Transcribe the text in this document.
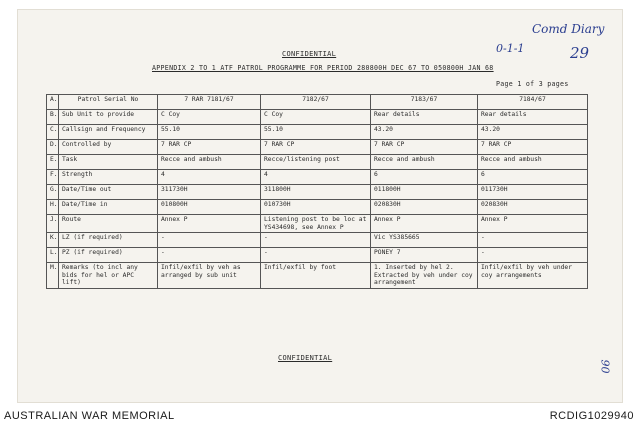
Comd Diary
0-1-1	29
90
CONFIDENTIAL
APPENDIX 2 TO 1 ATF PATROL PROGRAMME FOR PERIOD 280800H DEC 67 TO 050800H JAN 68
Page 1 of 3 pages
A.	Patrol Serial No	7 RAR 7181/67	7182/67	7183/67	7184/67
B.	Sub Unit to provide	C Coy	C Coy	Rear details	Rear details
C.	Callsign and Frequency	55.10	55.10	43.20	43.20
D.	Controlled by	7 RAR CP	7 RAR CP	7 RAR CP	7 RAR CP
E.	Task	Recce and ambush	Recce/listening post	Recce and ambush	Recce and ambush
F.	Strength	4	4	6	6
G.	Date/Time out	311730H	311800H	011800H	011730H
H.	Date/Time in	010800H	010730H	020830H	020830H
J.	Route	Annex P	Listening post to be loc at YS434698, see Annex P	Annex P	Annex P
K.	LZ (if required)	-	-	Vic YS385665	-
L.	PZ (if required)	-	-	PONEY 7	-
M.	Remarks (to incl any bids for hel or APC lift)	Infil/exfil by veh as arranged by sub unit	Infil/exfil by foot	1. Inserted by hel 2. Extracted by veh under coy arrangement	Infil/exfil by veh under coy arrangements
CONFIDENTIAL
AUSTRALIAN WAR MEMORIAL	RCDIG1029940
